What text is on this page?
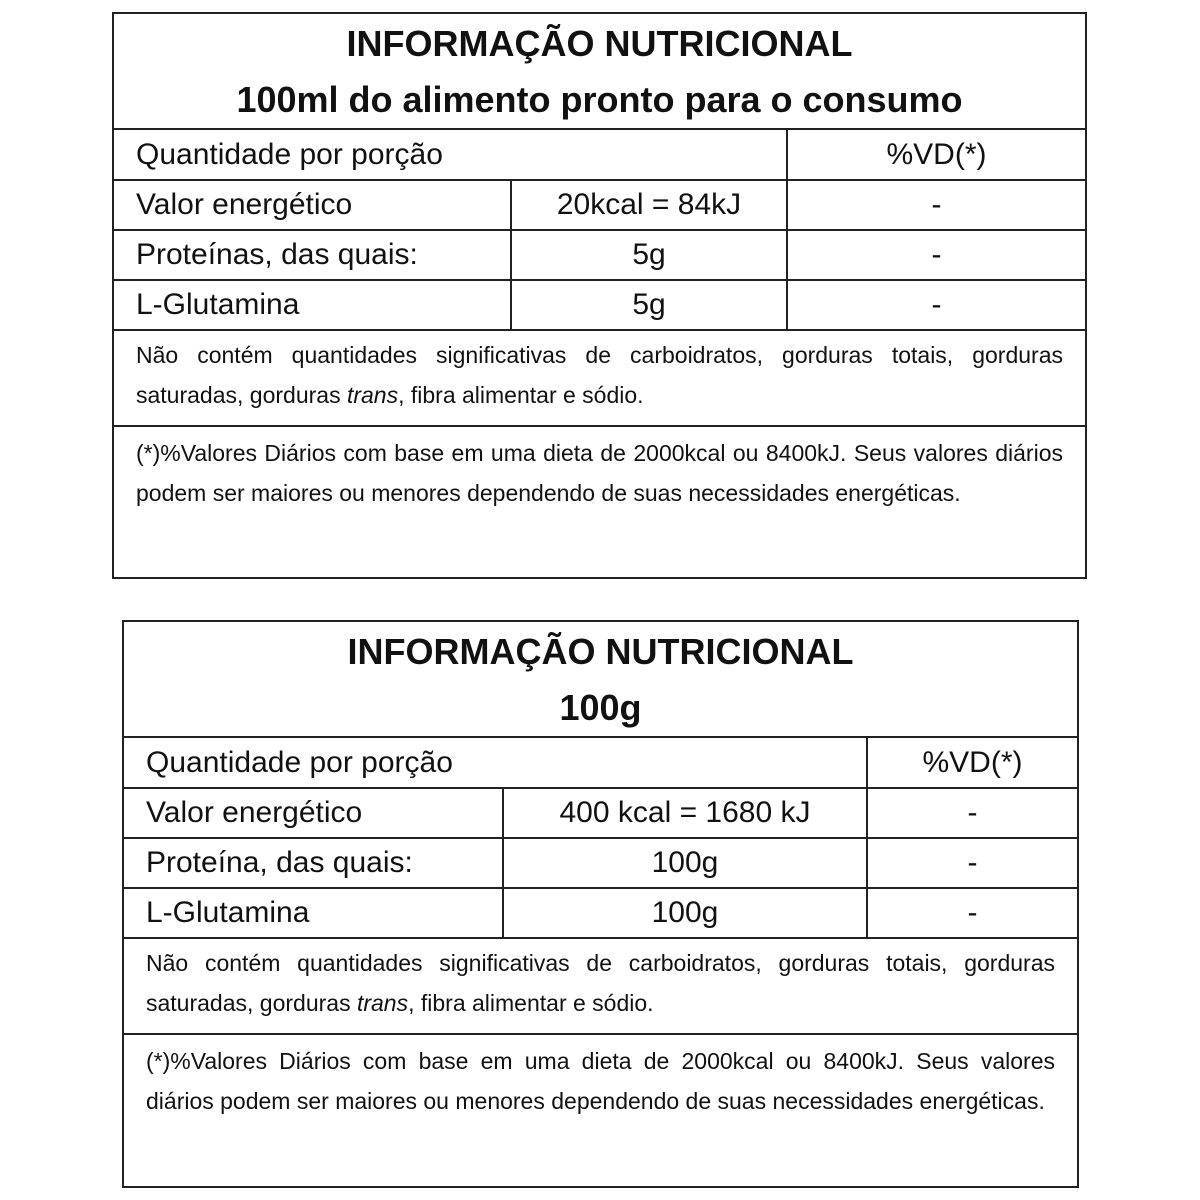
INFORMAÇÃO NUTRICIONAL
100ml do alimento pronto para o consumo
Quantidade por porção		%VD(*)
Valor energético	20kcal = 84kJ	-
Proteínas, das quais:	5g	-
L-Glutamina	5g	-
Não contém quantidades significativas de carboidratos, gorduras totais, gorduras saturadas, gorduras trans, fibra alimentar e sódio.
(*)%Valores Diários com base em uma dieta de 2000kcal ou 8400kJ. Seus valores diários podem ser maiores ou menores dependendo de suas necessidades energéticas.
INFORMAÇÃO NUTRICIONAL
100g
Quantidade por porção		%VD(*)
Valor energético	400 kcal = 1680 kJ	-
Proteína, das quais:	100g	-
L-Glutamina	100g	-
Não contém quantidades significativas de carboidratos, gorduras totais, gorduras saturadas, gorduras trans, fibra alimentar e sódio.
(*)%Valores Diários com base em uma dieta de 2000kcal ou 8400kJ. Seus valores diários podem ser maiores ou menores dependendo de suas necessidades energéticas.
